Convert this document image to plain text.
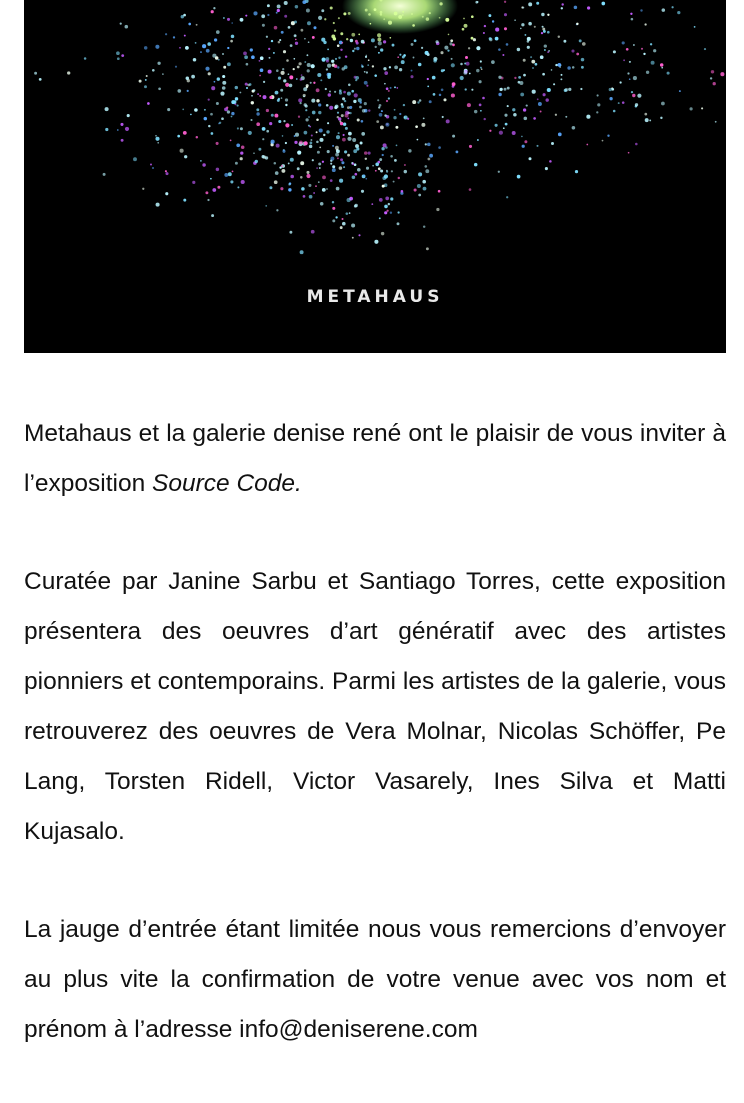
METAHAUS

Metahaus et la galerie denise rené ont le plaisir de vous inviter à l’exposition Source Code.

Curatée par Janine Sarbu et Santiago Torres, cette exposition présentera des oeuvres d’art génératif avec des artistes pionniers et contemporains. Parmi les artistes de la galerie, vous retrouverez des oeuvres de Vera Molnar, Nicolas Schöffer, Pe Lang, Torsten Ridell, Victor Vasarely, Ines Silva et Matti Kujasalo.

La jauge d’entrée étant limitée nous vous remercions d’envoyer au plus vite la confirmation de votre venue avec vos nom et prénom à l’adresse info@deniserene.com
